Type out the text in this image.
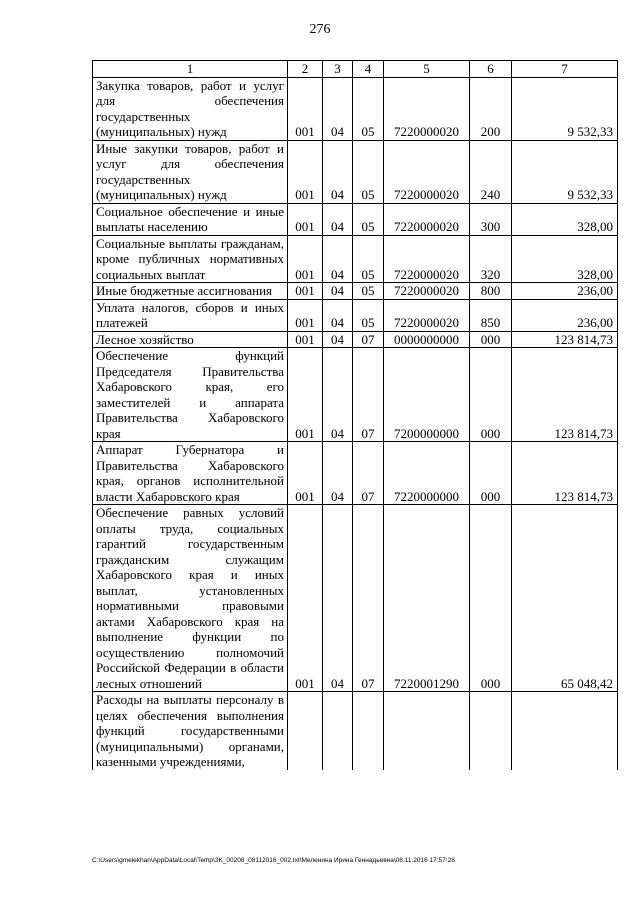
276
1	2	3	4	5	6	7
Закупка товаров, работ и услуг для обеспечения государственных (муниципальных) нужд	001	04	05	7220000020	200	9 532,33
Иные закупки товаров, работ и услуг для обеспечения государственных (муниципальных) нужд	001	04	05	7220000020	240	9 532,33
Социальное обеспечение и иные выплаты населению	001	04	05	7220000020	300	328,00
Социальные выплаты гражданам, кроме публичных нормативных социальных выплат	001	04	05	7220000020	320	328,00
Иные бюджетные ассигнования	001	04	05	7220000020	800	236,00
Уплата налогов, сборов и иных платежей	001	04	05	7220000020	850	236,00
Лесное хозяйство	001	04	07	0000000000	000	123 814,73
Обеспечение функций Председателя Правительства Хабаровского края, его заместителей и аппарата Правительства Хабаровского края	001	04	07	7200000000	000	123 814,73
Аппарат Губернатора и Правительства Хабаровского края, органов исполнительной власти Хабаровского края	001	04	07	7220000000	000	123 814,73
Обеспечение равных условий оплаты труда, социальных гарантий государственным гражданским служащим Хабаровского края и иных выплат, установленных нормативными правовыми актами Хабаровского края на выполнение функции по осуществлению полномочий Российской Федерации в области лесных отношений	001	04	07	7220001290	000	65 048,42
Расходы на выплаты персоналу в целях обеспечения выполнения функций государственными (муниципальными) органами, казенными учреждениями,						
C:\Users\gmelekhan\AppData\Local\Temp\3K_00208_08112016_002.txt\Меленина Ирина Геннадьевна\08.11.2016 17:57:28
